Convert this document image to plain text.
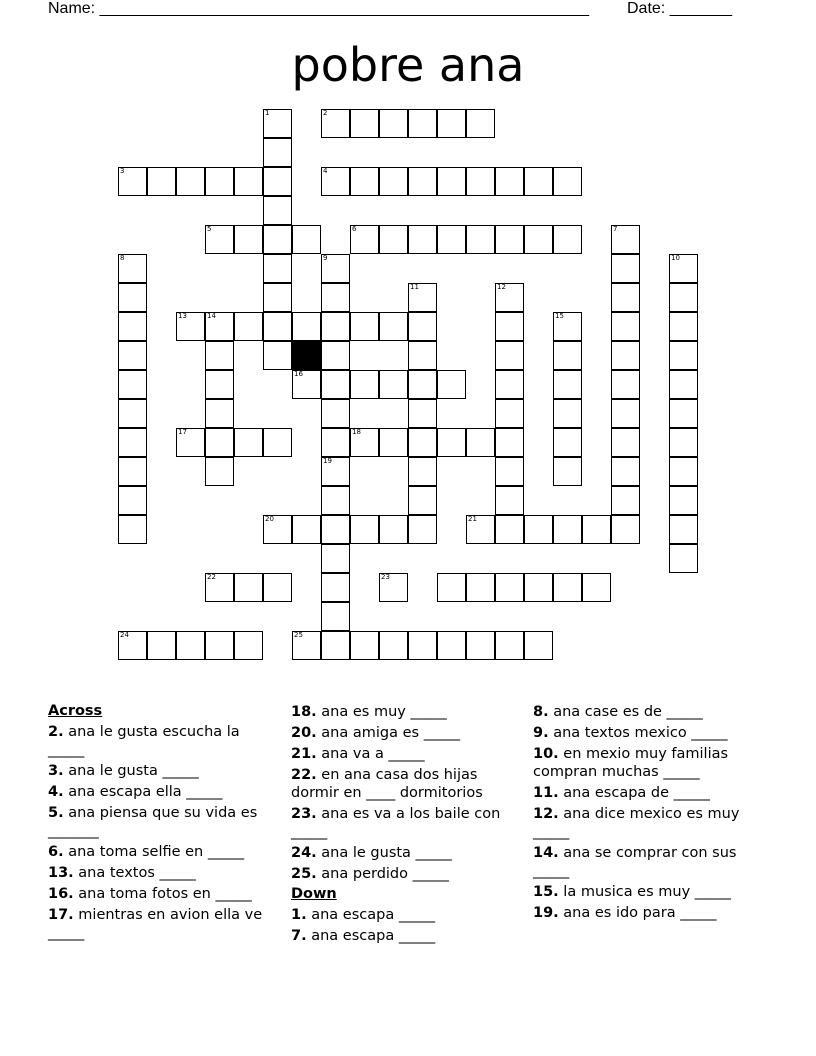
Name: _______________________________________________________ Date: _______
pobre ana
1	2
3	4
5	6	7
8	9	10
11	12
13	14	15
16
17	18
19
20	21
22	23
24	25
Across
2. ana le gusta escucha la _____
3. ana le gusta _____
4. ana escapa ella _____
5. ana piensa que su vida es _______
6. ana toma selfie en _____
13. ana textos _____
16. ana toma fotos en _____
17. mientras en avion ella ve _____
18. ana es muy _____
20. ana amiga es _____
21. ana va a _____
22. en ana casa dos hijas dormir en ____ dormitorios
23. ana es va a los baile con _____
24. ana le gusta _____
25. ana perdido _____
Down
1. ana escapa _____
7. ana escapa _____
8. ana case es de _____
9. ana textos mexico _____
10. en mexio muy familias compran muchas _____
11. ana escapa de _____
12. ana dice mexico es muy _____
14. ana se comprar con sus _____
15. la musica es muy _____
19. ana es ido para _____
